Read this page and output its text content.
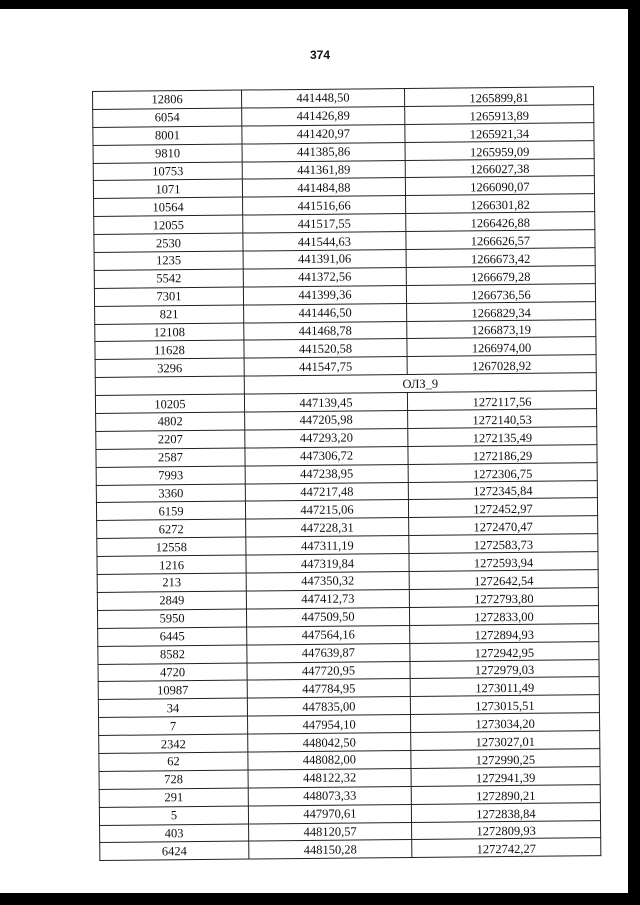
374
12806	441448,50	1265899,81
6054	441426,89	1265913,89
8001	441420,97	1265921,34
9810	441385,86	1265959,09
10753	441361,89	1266027,38
1071	441484,88	1266090,07
10564	441516,66	1266301,82
12055	441517,55	1266426,88
2530	441544,63	1266626,57
1235	441391,06	1266673,42
5542	441372,56	1266679,28
7301	441399,36	1266736,56
821	441446,50	1266829,34
12108	441468,78	1266873,19
11628	441520,58	1266974,00
3296	441547,75	1267028,92
	ОЛЗ_9	
10205	447139,45	1272117,56
4802	447205,98	1272140,53
2207	447293,20	1272135,49
2587	447306,72	1272186,29
7993	447238,95	1272306,75
3360	447217,48	1272345,84
6159	447215,06	1272452,97
6272	447228,31	1272470,47
12558	447311,19	1272583,73
1216	447319,84	1272593,94
213	447350,32	1272642,54
2849	447412,73	1272793,80
5950	447509,50	1272833,00
6445	447564,16	1272894,93
8582	447639,87	1272942,95
4720	447720,95	1272979,03
10987	447784,95	1273011,49
34	447835,00	1273015,51
7	447954,10	1273034,20
2342	448042,50	1273027,01
62	448082,00	1272990,25
728	448122,32	1272941,39
291	448073,33	1272890,21
5	447970,61	1272838,84
403	448120,57	1272809,93
6424	448150,28	1272742,27
